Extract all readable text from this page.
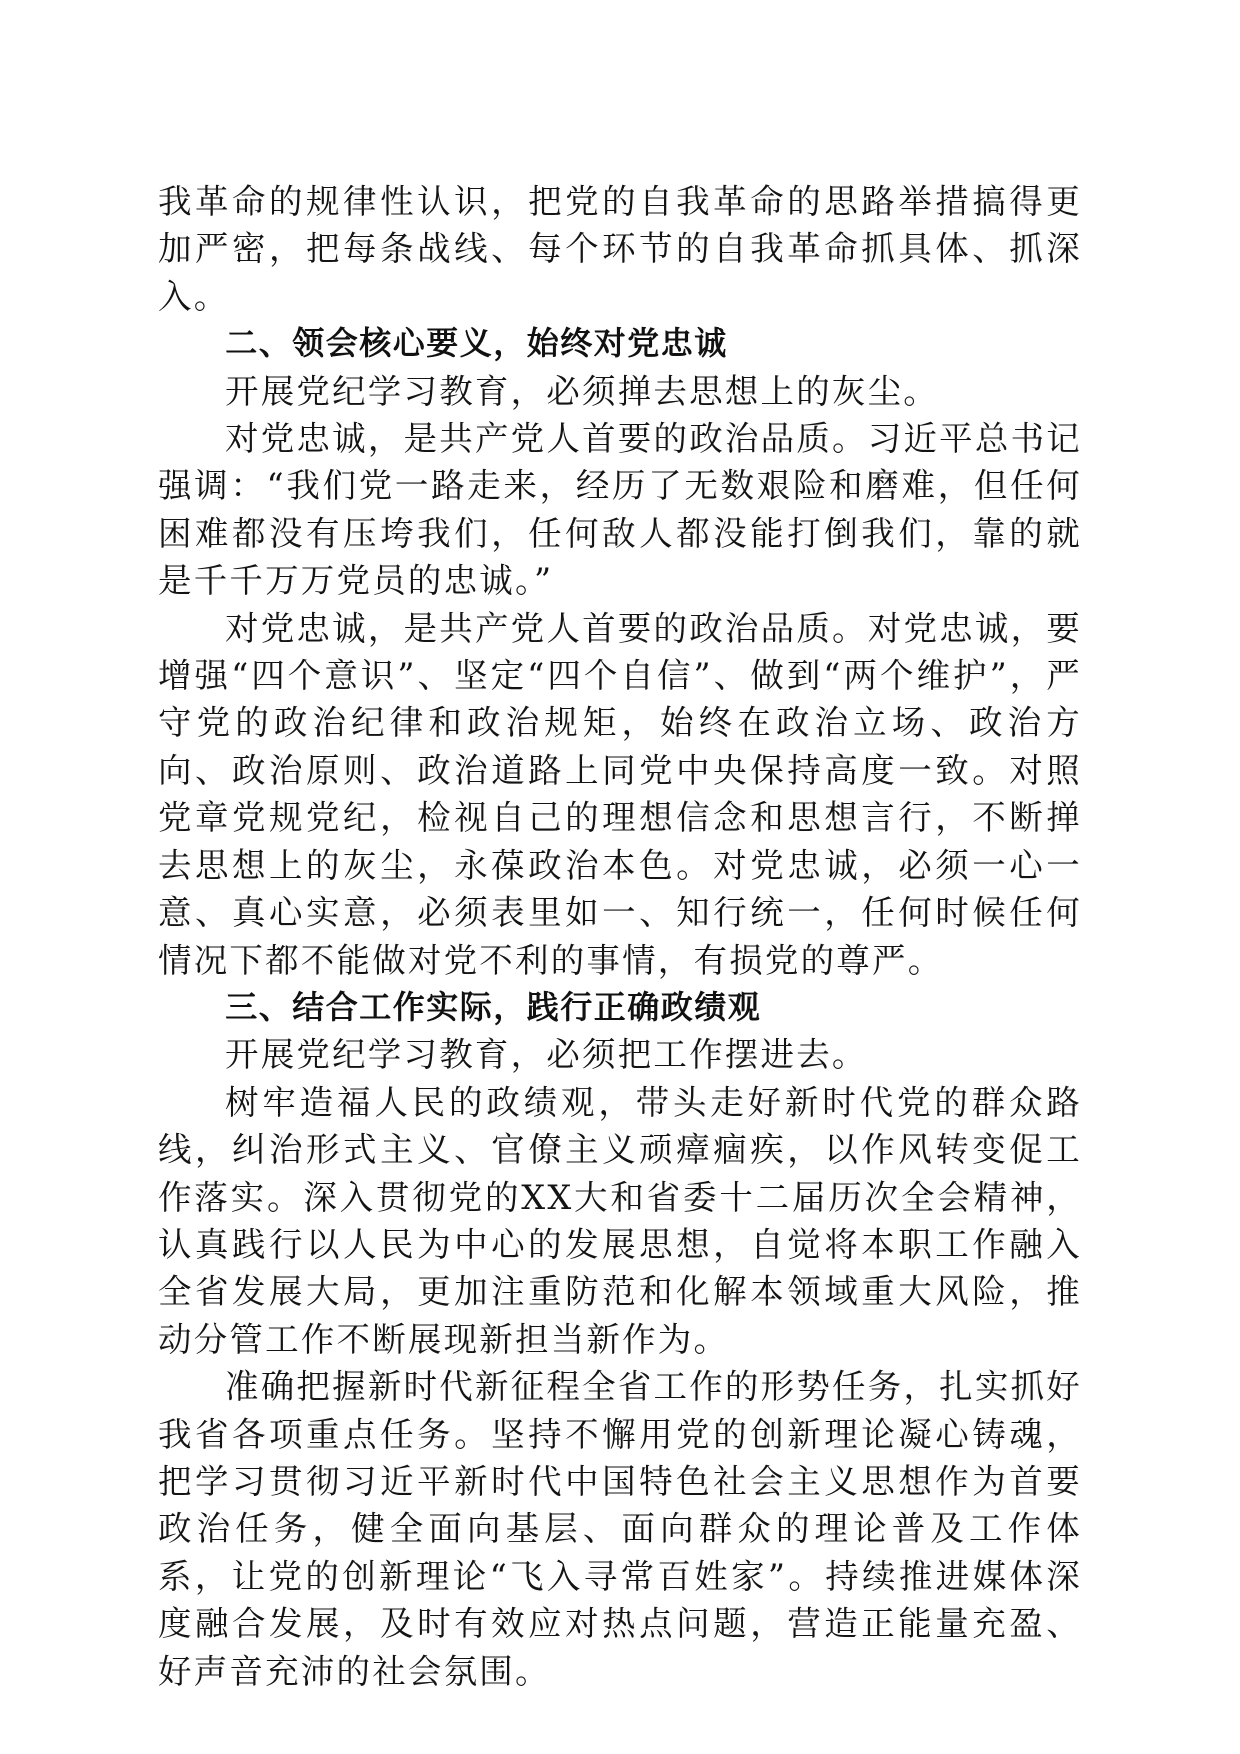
我革命的规律性认识，把党的自我革命的思路举措搞得更加严密，把每条战线、每个环节的自我革命抓具体、抓深入。

二、领会核心要义，始终对党忠诚

开展党纪学习教育，必须掸去思想上的灰尘。

对党忠诚，是共产党人首要的政治品质。习近平总书记强调：“我们党一路走来，经历了无数艰险和磨难，但任何困难都没有压垮我们，任何敌人都没能打倒我们，靠的就是千千万万党员的忠诚。”

对党忠诚，是共产党人首要的政治品质。对党忠诚，要增强“四个意识”、坚定“四个自信”、做到“两个维护”，严守党的政治纪律和政治规矩，始终在政治立场、政治方向、政治原则、政治道路上同党中央保持高度一致。对照党章党规党纪，检视自己的理想信念和思想言行，不断掸去思想上的灰尘，永葆政治本色。对党忠诚，必须一心一意、真心实意，必须表里如一、知行统一，任何时候任何情况下都不能做对党不利的事情，有损党的尊严。

三、结合工作实际，践行正确政绩观

开展党纪学习教育，必须把工作摆进去。

树牢造福人民的政绩观，带头走好新时代党的群众路线，纠治形式主义、官僚主义顽瘴痼疾，以作风转变促工作落实。深入贯彻党的XX大和省委十二届历次全会精神，认真践行以人民为中心的发展思想，自觉将本职工作融入全省发展大局，更加注重防范和化解本领域重大风险，推动分管工作不断展现新担当新作为。

准确把握新时代新征程全省工作的形势任务，扎实抓好我省各项重点任务。坚持不懈用党的创新理论凝心铸魂，把学习贯彻习近平新时代中国特色社会主义思想作为首要政治任务，健全面向基层、面向群众的理论普及工作体系，让党的创新理论“飞入寻常百姓家”。持续推进媒体深度融合发展，及时有效应对热点问题，营造正能量充盈、好声音充沛的社会氛围。
